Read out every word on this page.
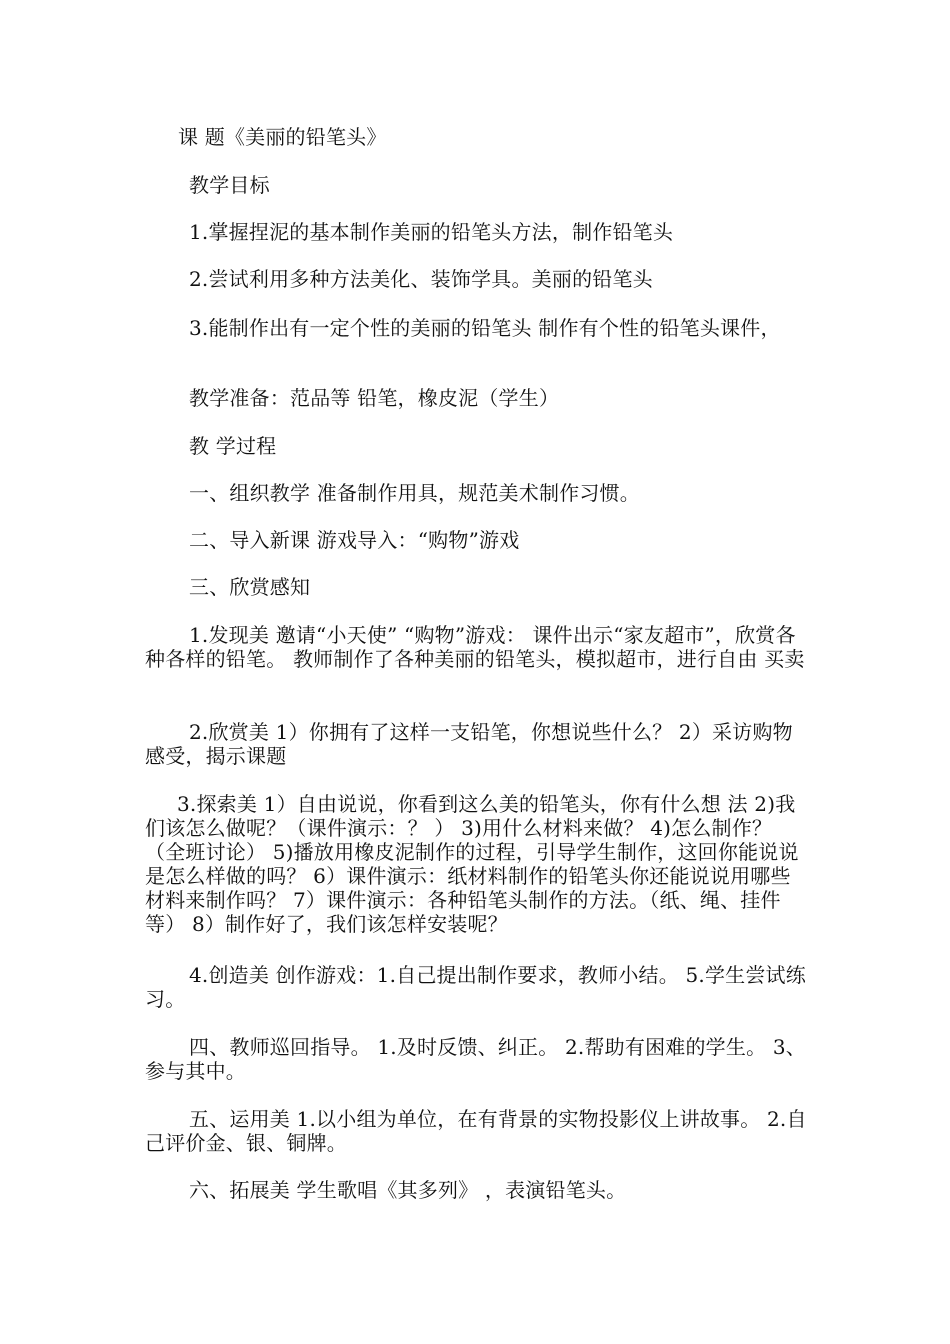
课 题《美丽的铅笔头》

教学目标

1.掌握捏泥的基本制作美丽的铅笔头方法，制作铅笔头

2.尝试利用多种方法美化、装饰学具。美丽的铅笔头

3.能制作出有一定个性的美丽的铅笔头 制作有个性的铅笔头课件，

教学准备：范品等 铅笔，橡皮泥（学生）

教 学过程

一、组织教学 准备制作用具，规范美术制作习惯。

二、导入新课 游戏导入：“购物”游戏

三、欣赏感知

1.发现美 邀请“小天使” “购物”游戏： 课件出示“家友超市”，欣赏各种各样的铅笔。 教师制作了各种美丽的铅笔头，模拟超市，进行自由 买卖

2.欣赏美 1）你拥有了这样一支铅笔，你想说些什么？ 2）采访购物感受，揭示课题

3.探索美 1）自由说说，你看到这么美的铅笔头，你有什么想 法 2)我们该怎么做呢？（课件演示：？ ） 3)用什么材料来做？ 4)怎么制作？（全班讨论） 5)播放用橡皮泥制作的过程，引导学生制作，这回你能说说是怎么样做的吗？ 6）课件演示：纸材料制作的铅笔头你还能说说用哪些材料来制作吗？ 7）课件演示：各种铅笔头制作的方法。（纸、绳、挂件等） 8）制作好了，我们该怎样安装呢？

4.创造美 创作游戏：1.自己提出制作要求，教师小结。 5.学生尝试练习。

四、教师巡回指导。 1.及时反馈、纠正。 2.帮助有困难的学生。 3、参与其中。

五、运用美 1.以小组为单位，在有背景的实物投影仪上讲故事。 2.自己评价金、银、铜牌。

六、拓展美 学生歌唱《其多列》 ，表演铅笔头。
